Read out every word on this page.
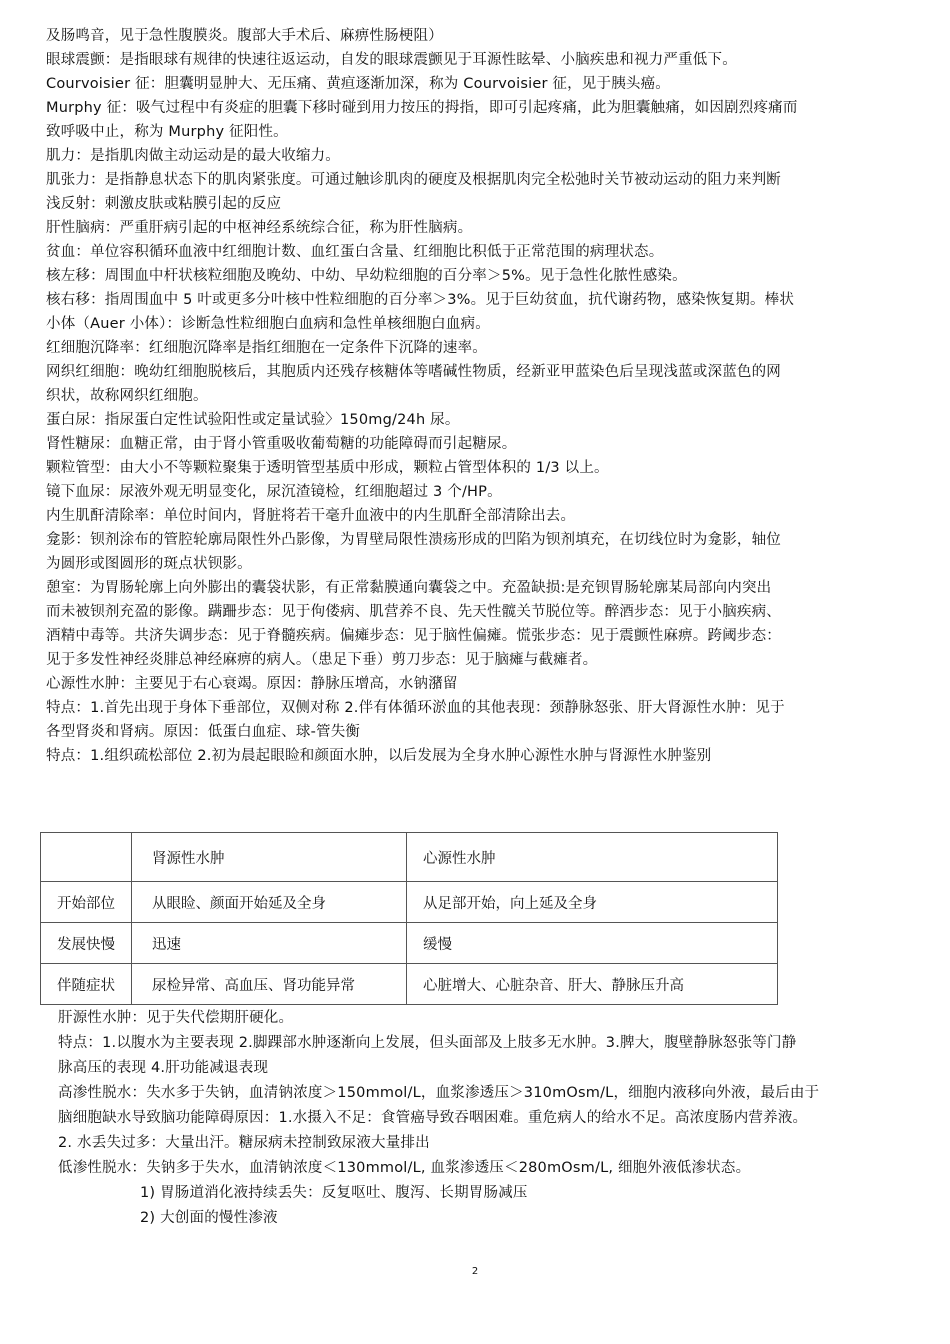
及肠鸣音，见于急性腹膜炎。腹部大手术后、麻痹性肠梗阻）
眼球震颤：是指眼球有规律的快速往返运动，自发的眼球震颤见于耳源性眩晕、小脑疾患和视力严重低下。
Courvoisier 征：胆囊明显肿大、无压痛、黄疸逐渐加深，称为 Courvoisier 征，见于胰头癌。
Murphy 征：吸气过程中有炎症的胆囊下移时碰到用力按压的拇指，即可引起疼痛，此为胆囊触痛，如因剧烈疼痛而
致呼吸中止，称为 Murphy 征阳性。
肌力：是指肌肉做主动运动是的最大收缩力。
肌张力：是指静息状态下的肌肉紧张度。可通过触诊肌肉的硬度及根据肌肉完全松弛时关节被动运动的阻力来判断
浅反射：刺激皮肤或粘膜引起的反应
肝性脑病：严重肝病引起的中枢神经系统综合征，称为肝性脑病。
贫血：单位容积循环血液中红细胞计数、血红蛋白含量、红细胞比积低于正常范围的病理状态。
核左移：周围血中杆状核粒细胞及晚幼、中幼、早幼粒细胞的百分率＞5%。见于急性化脓性感染。
核右移：指周围血中 5 叶或更多分叶核中性粒细胞的百分率＞3%。见于巨幼贫血，抗代谢药物，感染恢复期。棒状
小体（Auer 小体）：诊断急性粒细胞白血病和急性单核细胞白血病。
红细胞沉降率：红细胞沉降率是指红细胞在一定条件下沉降的速率。
网织红细胞：晚幼红细胞脱核后，其胞质内还残存核糖体等嗜碱性物质，经新亚甲蓝染色后呈现浅蓝或深蓝色的网
织状，故称网织红细胞。
蛋白尿：指尿蛋白定性试验阳性或定量试验〉150mg/24h 尿。
肾性糖尿：血糖正常，由于肾小管重吸收葡萄糖的功能障碍而引起糖尿。
颗粒管型：由大小不等颗粒聚集于透明管型基质中形成，颗粒占管型体积的 1/3 以上。
镜下血尿：尿液外观无明显变化，尿沉渣镜检，红细胞超过 3 个/HP。
内生肌酐清除率：单位时间内，肾脏将若干毫升血液中的内生肌酐全部清除出去。
龛影：钡剂涂布的管腔轮廓局限性外凸影像，为胃壁局限性溃疡形成的凹陷为钡剂填充，在切线位时为龛影，轴位
为圆形或图圆形的斑点状钡影。
憩室：为胃肠轮廓上向外膨出的囊袋状影，有正常黏膜通向囊袋之中。充盈缺损:是充钡胃肠轮廓某局部向内突出
而未被钡剂充盈的影像。蹒跚步态：见于佝偻病、肌营养不良、先天性髋关节脱位等。醉酒步态：见于小脑疾病、
酒精中毒等。共济失调步态：见于脊髓疾病。偏瘫步态：见于脑性偏瘫。慌张步态：见于震颤性麻痹。跨阈步态：
见于多发性神经炎腓总神经麻痹的病人。（患足下垂）剪刀步态：见于脑瘫与截瘫者。
心源性水肿：主要见于右心衰竭。原因：静脉压增高，水钠潴留
特点：1.首先出现于身体下垂部位，双侧对称 2.伴有体循环淤血的其他表现：颈静脉怒张、肝大肾源性水肿：见于
各型肾炎和肾病。原因：低蛋白血症、球-管失衡
特点：1.组织疏松部位 2.初为晨起眼睑和颜面水肿，以后发展为全身水肿心源性水肿与肾源性水肿鉴别
	肾源性水肿	心源性水肿
开始部位	从眼睑、颜面开始延及全身	从足部开始，向上延及全身
发展快慢	迅速	缓慢
伴随症状	尿检异常、高血压、肾功能异常	心脏增大、心脏杂音、肝大、静脉压升高
肝源性水肿：见于失代偿期肝硬化。
特点：1.以腹水为主要表现 2.脚踝部水肿逐渐向上发展，但头面部及上肢多无水肿。3.脾大，腹壁静脉怒张等门静
脉高压的表现 4.肝功能减退表现
高渗性脱水：失水多于失钠，血清钠浓度＞150mmol/L，血浆渗透压＞310mOsm/L，细胞内液移向外液，最后由于
脑细胞缺水导致脑功能障碍原因：1.水摄入不足：食管癌导致吞咽困难。重危病人的给水不足。高浓度肠内营养液。
2. 水丢失过多：大量出汗。糖尿病未控制致尿液大量排出
低渗性脱水：失钠多于失水，血清钠浓度＜130mmol/L, 血浆渗透压＜280mOsm/L, 细胞外液低渗状态。
1) 胃肠道消化液持续丢失：反复呕吐、腹泻、长期胃肠减压
2) 大创面的慢性渗液
2
